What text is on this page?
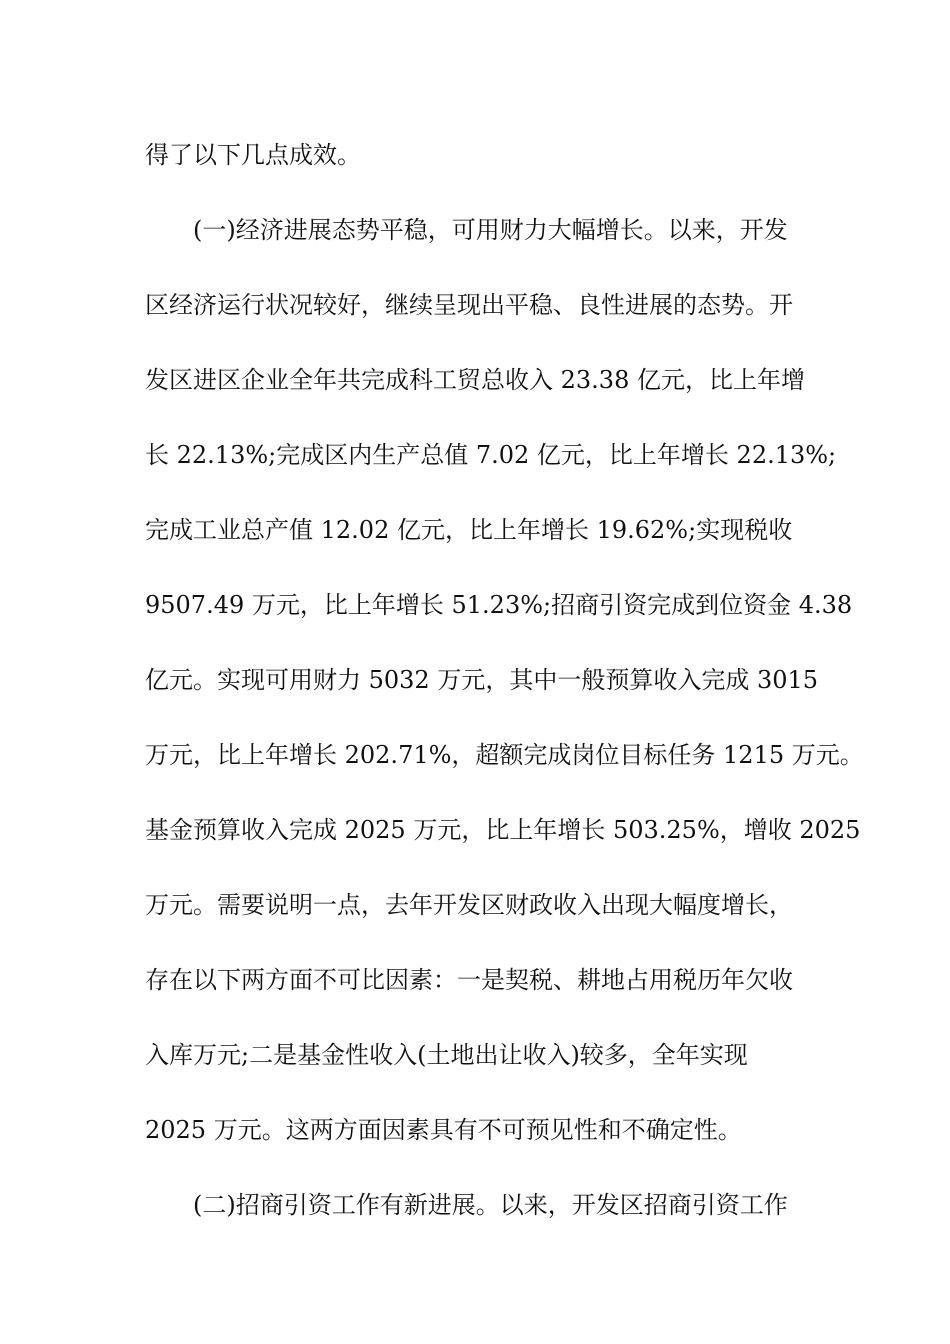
得了以下几点成效。
(一)经济进展态势平稳，可用财力大幅增长。以来，开发
区经济运行状况较好，继续呈现出平稳、良性进展的态势。开
发区进区企业全年共完成科工贸总收入 23.38 亿元，比上年增
长 22.13%;完成区内生产总值 7.02 亿元，比上年增长 22.13%;
完成工业总产值 12.02 亿元，比上年增长 19.62%;实现税收
9507.49 万元，比上年增长 51.23%;招商引资完成到位资金 4.38
亿元。实现可用财力 5032 万元，其中一般预算收入完成 3015
万元，比上年增长 202.71%，超额完成岗位目标任务 1215 万元。
基金预算收入完成 2025 万元，比上年增长 503.25%，增收 2025
万元。需要说明一点，去年开发区财政收入出现大幅度增长，
存在以下两方面不可比因素：一是契税、耕地占用税历年欠收
入库万元;二是基金性收入(土地出让收入)较多，全年实现
2025 万元。这两方面因素具有不可预见性和不确定性。
(二)招商引资工作有新进展。以来，开发区招商引资工作
